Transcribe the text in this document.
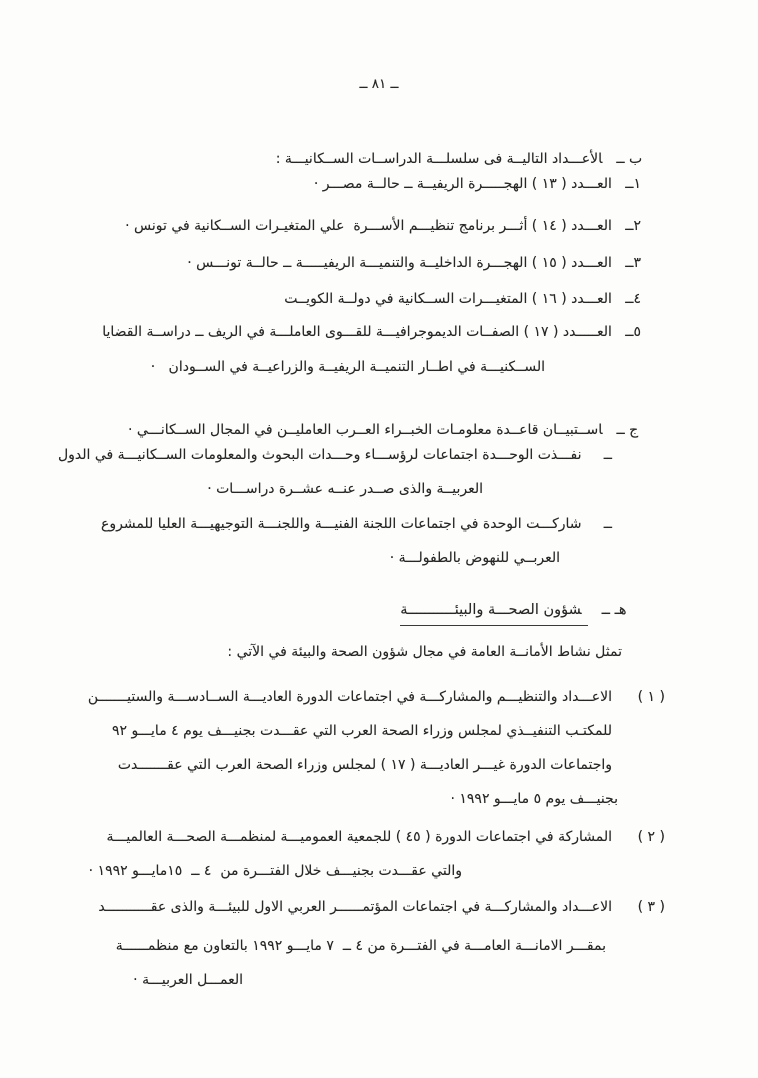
ــ ٨١ ــ

ب ــالأعـــداد التاليــة فى سلسلـــة الدراســات الســكانيـــة :

١ــ   العـــدد ( ١٣ ) الهجـــــرة الريفيــة ــ حالــة مصـــر ·
٢ــ   العـــدد ( ١٤ ) أثـــر برنامج تنظيـــم الأســـرة  علي المتغيـرات الســكانية في تونس ·
٣ــ   العـــدد ( ١٥ ) الهجـــرة الداخليــة والتنميـــة الريفيـــــة ــ حالــة تونـــس ·
٤ــ   العـــدد ( ١٦ ) المتغيـــرات الســكانية في دولــة الكويــت
٥ــ   العـــــدد ( ١٧ ) الصفــات الديموجرافيـــة للقـــوى العاملـــة في الريف ــ دراســة القضايا
الســكنيـــة في اطــار التنميــة الريفيــة والزراعيــة في الســودان   ·

ج ــاســتبيــان قاعــدة معلومـات الخبــراء العــرب العامليــن في المجال الســكانـــي ·

ــ     نفـــذت الوحـــدة اجتماعات لرؤســـاء وحـــدات البحوث والمعلومات الســكانيـــة في الدول
العربيــة والذى صــدر عنــه عشــرة دراســـات ·
ــ     شاركـــت الوحدة في اجتماعات اللجنة الفنيـــة واللجنـــة التوجيهيـــة العليا للمشروع
العربــي للنهوض بالطفولـــة ·

هـ ــشؤون الصحـــة والبيئـــــــــــة

تمثل نشاط الأمانــة العامة في مجال شؤون الصحة والبيئة في الآتي :
( ١ )
الاعـــداد والتنظيـــم والمشاركـــة في اجتماعات الدورة العاديـــة الســادســـة والستيـــــــن
للمكتـب التنفيــذي لمجلس وزراء الصحة العرب التي عقـــدت بجنيـــف يوم ٤ مايـــو ٩٢
واجتماعات الدورة غيـــر العاديـــة ( ١٧ ) لمجلس وزراء الصحة العرب التي عقـــــــدت
بجنيـــف يوم ٥ مايـــو ١٩٩٢ ·
( ٢ )
المشاركة في اجتماعات الدورة ( ٤٥ ) للجمعية العموميـــة لمنظمـــة الصحـــة العالميـــة
والتي عقـــدت بجنيـــف خلال الفتـــرة من  ٤ ــ  ١٥مايـــو ١٩٩٢ ·
( ٣ )
الاعـــداد والمشاركـــة في اجتماعات المؤتمــــــر العربي الاول للبيئـــة والذى عقـــــــــــد
بمقـــر الامانـــة العامـــة في الفتـــرة من ٤ ــ  ٧ مايـــو ١٩٩٢ بالتعاون مع منظمــــــة
العمـــل العربيـــة ·
